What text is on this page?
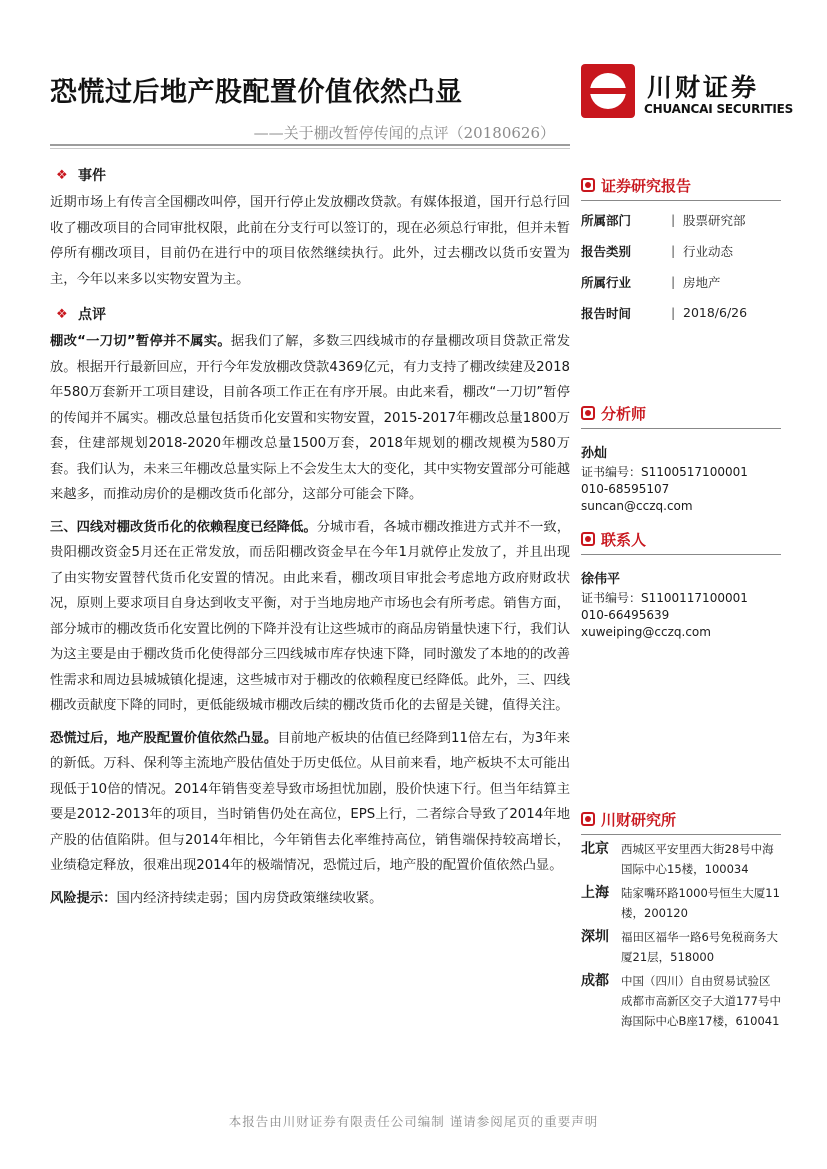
恐慌过后地产股配置价值依然凸显
——关于棚改暂停传闻的点评（20180626）
川财证券
CHUANCAI SECURITIES
❖ 事件

近期市场上有传言全国棚改叫停，国开行停止发放棚改贷款。有媒体报道，国开行总行回收了棚改项目的合同审批权限，此前在分支行可以签订的，现在必须总行审批，但并未暂停所有棚改项目，目前仍在进行中的项目依然继续执行。此外，过去棚改以货币安置为主，今年以来多以实物安置为主。

❖ 点评

棚改“一刀切”暂停并不属实。据我们了解，多数三四线城市的存量棚改项目贷款正常发放。根据开行最新回应，开行今年发放棚改贷款4369亿元，有力支持了棚改续建及2018年580万套新开工项目建设，目前各项工作正在有序开展。由此来看，棚改“一刀切”暂停的传闻并不属实。棚改总量包括货币化安置和实物安置，2015-2017年棚改总量1800万套，住建部规划2018-2020年棚改总量1500万套，2018年规划的棚改规模为580万套。我们认为，未来三年棚改总量实际上不会发生太大的变化，其中实物安置部分可能越来越多，而推动房价的是棚改货币化部分，这部分可能会下降。

三、四线对棚改货币化的依赖程度已经降低。分城市看，各城市棚改推进方式并不一致，贵阳棚改资金5月还在正常发放，而岳阳棚改资金早在今年1月就停止发放了，并且出现了由实物安置替代货币化安置的情况。由此来看，棚改项目审批会考虑地方政府财政状况，原则上要求项目自身达到收支平衡，对于当地房地产市场也会有所考虑。销售方面，部分城市的棚改货币化安置比例的下降并没有让这些城市的商品房销量快速下行，我们认为这主要是由于棚改货币化使得部分三四线城市库存快速下降，同时激发了本地的的改善性需求和周边县城城镇化提速，这些城市对于棚改的依赖程度已经降低。此外，三、四线棚改贡献度下降的同时，更低能级城市棚改后续的棚改货币化的去留是关键，值得关注。

恐慌过后，地产股配置价值依然凸显。目前地产板块的估值已经降到11倍左右，为3年来的新低。万科、保利等主流地产股估值处于历史低位。从目前来看，地产板块不太可能出现低于10倍的情况。2014年销售变差导致市场担忧加剧，股价快速下行。但当年结算主要是2012-2013年的项目，当时销售仍处在高位，EPS上行，二者综合导致了2014年地产股的估值陷阱。但与2014年相比，今年销售去化率维持高位，销售端保持较高增长，业绩稳定释放，很难出现2014年的极端情况，恐慌过后，地产股的配置价值依然凸显。

风险提示：国内经济持续走弱；国内房贷政策继续收紧。

证券研究报告
所属部门	| 股票研究部
报告类别	| 行业动态
所属行业	| 房地产
报告时间	| 2018/6/26
分析师
孙灿
证书编号：S1100517100001
010-68595107
suncan@cczq.com
联系人
徐伟平
证书编号：S1100117100001
010-66495639
xuweiping@cczq.com
川财研究所
北京	西城区平安里西大街28号中海国际中心15楼，100034
上海	陆家嘴环路1000号恒生大厦11楼，200120
深圳	福田区福华一路6号免税商务大厦21层，518000
成都	中国（四川）自由贸易试验区成都市高新区交子大道177号中海国际中心B座17楼，610041
本报告由川财证券有限责任公司编制 谨请参阅尾页的重要声明
